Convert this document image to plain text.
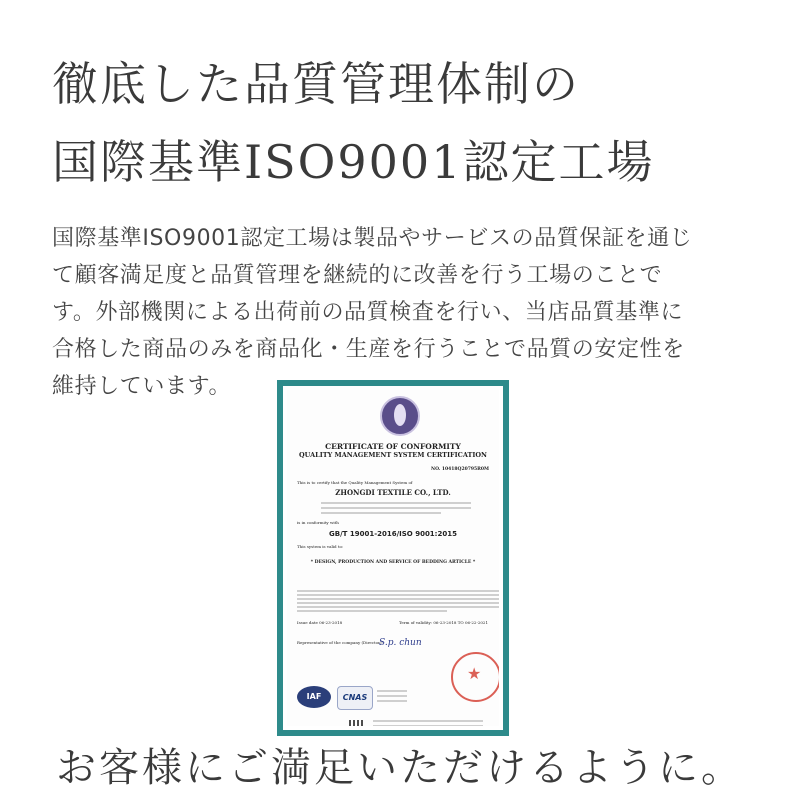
徹底した品質管理体制の
国際基準ISO9001認定工場
国際基準ISO9001認定工場は製品やサービスの品質保証を通じ
て顧客満足度と品質管理を継続的に改善を行う工場のことで
す。外部機関による出荷前の品質検査を行い、当店品質基準に
合格した商品のみを商品化・生産を行うことで品質の安定性を
維持しています。
CERTIFICATE OF CONFORMITY
QUALITY MANAGEMENT SYSTEM CERTIFICATION
NO. 10418Q20795R0M
This is to certify that the Quality Management System of
ZHONGDI TEXTILE CO., LTD.
is in conformity with
GB/T 19001-2016/ISO 9001:2015
This system is valid to:
* DESIGN, PRODUCTION AND SERVICE OF BEDDING ARTICLE *
Issue date 06-23-2018	Term of validity: 06-23-2018 TO 06-22-2021
Representative of the company (Director):
S.p. chun
★
IAF	CNAS
お客様にご満足いただけるように。
